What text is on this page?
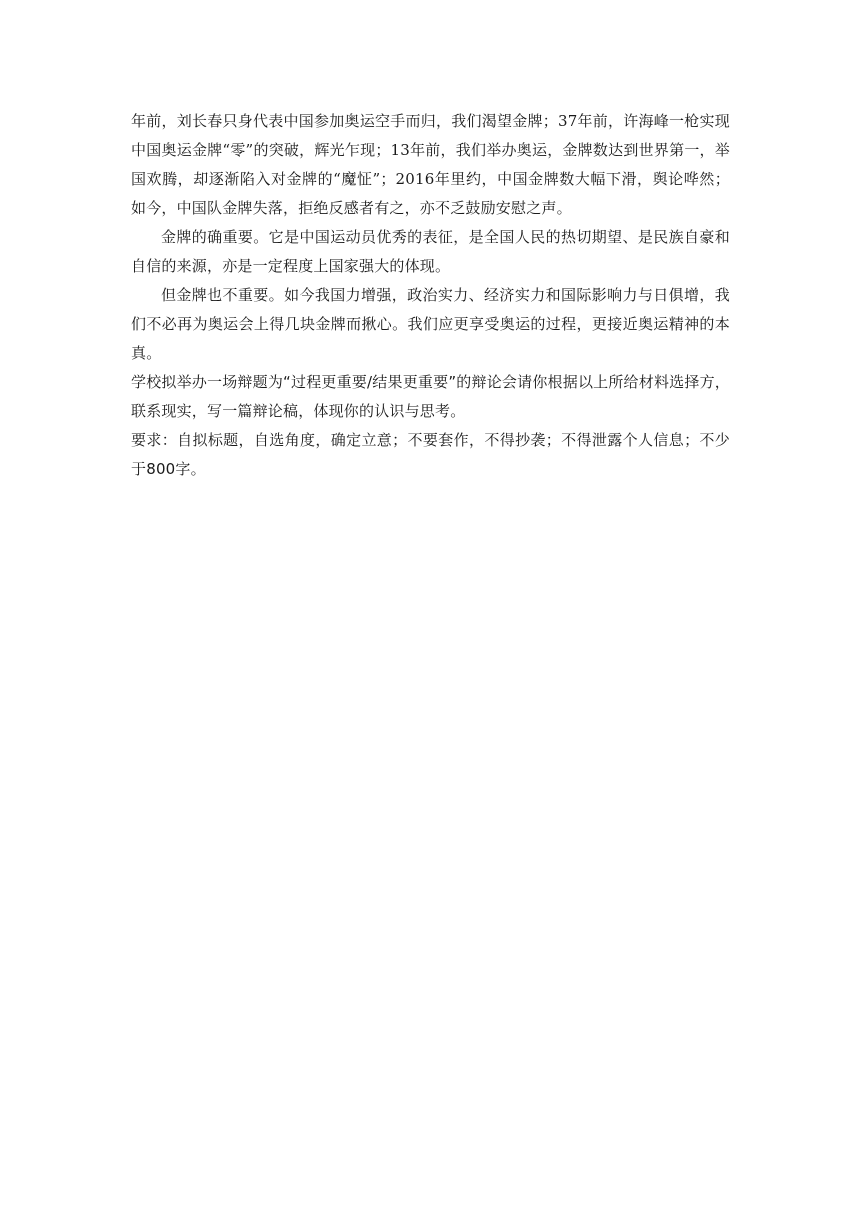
年前，刘长春只身代表中国参加奥运空手而归，我们渴望金牌；37年前，许海峰一枪实现中国奥运金牌“零”的突破，辉光乍现；13年前，我们举办奥运，金牌数达到世界第一，举国欢腾，却逐渐陷入对金牌的“魔怔”；2016年里约，中国金牌数大幅下滑，舆论哗然；如今，中国队金牌失落，拒绝反感者有之，亦不乏鼓励安慰之声。

金牌的确重要。它是中国运动员优秀的表征，是全国人民的热切期望、是民族自豪和自信的来源，亦是一定程度上国家强大的体现。

但金牌也不重要。如今我国力增强，政治实力、经济实力和国际影响力与日俱增，我们不必再为奥运会上得几块金牌而揪心。我们应更享受奥运的过程，更接近奥运精神的本真。

学校拟举办一场辩题为“过程更重要/结果更重要”的辩论会请你根据以上所给材料选择方，联系现实，写一篇辩论稿，体现你的认识与思考。

要求：自拟标题，自选角度，确定立意；不要套作，不得抄袭；不得泄露个人信息；不少于800字。
